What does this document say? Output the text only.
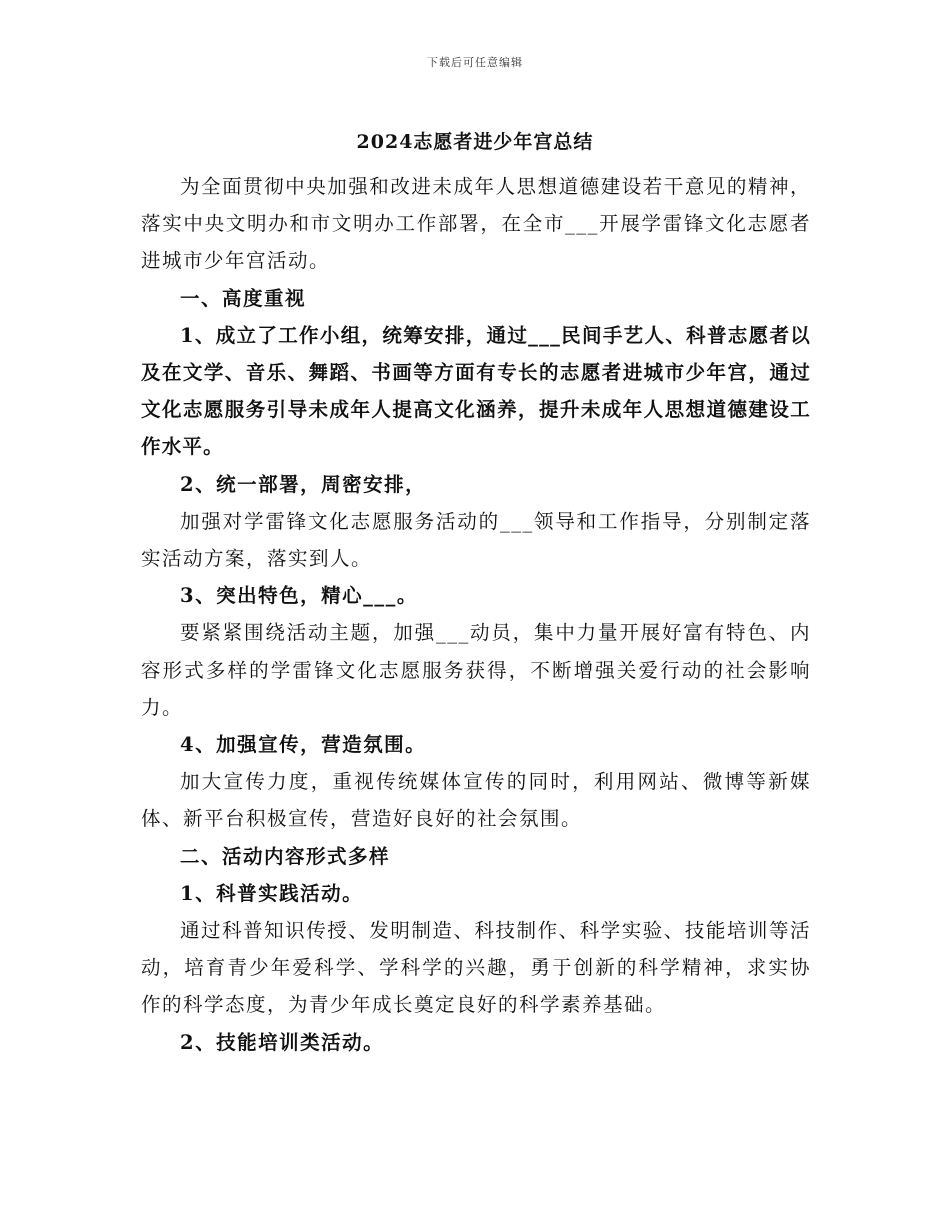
下载后可任意编辑
2024志愿者进少年宫总结

为全面贯彻中央加强和改进未成年人思想道德建设若干意见的精神，落实中央文明办和市文明办工作部署，在全市___开展学雷锋文化志愿者进城市少年宫活动。

一、高度重视

1、成立了工作小组，统筹安排，通过___民间手艺人、科普志愿者以及在文学、音乐、舞蹈、书画等方面有专长的志愿者进城市少年宫，通过文化志愿服务引导未成年人提高文化涵养，提升未成年人思想道德建设工作水平。

2、统一部署，周密安排，

加强对学雷锋文化志愿服务活动的___领导和工作指导，分别制定落实活动方案，落实到人。

3、突出特色，精心___。

要紧紧围绕活动主题，加强___动员，集中力量开展好富有特色、内容形式多样的学雷锋文化志愿服务获得，不断增强关爱行动的社会影响力。

4、加强宣传，营造氛围。

加大宣传力度，重视传统媒体宣传的同时，利用网站、微博等新媒体、新平台积极宣传，营造好良好的社会氛围。

二、活动内容形式多样

1、科普实践活动。

通过科普知识传授、发明制造、科技制作、科学实验、技能培训等活动，培育青少年爱科学、学科学的兴趣，勇于创新的科学精神，求实协作的科学态度，为青少年成长奠定良好的科学素养基础。

2、技能培训类活动。
